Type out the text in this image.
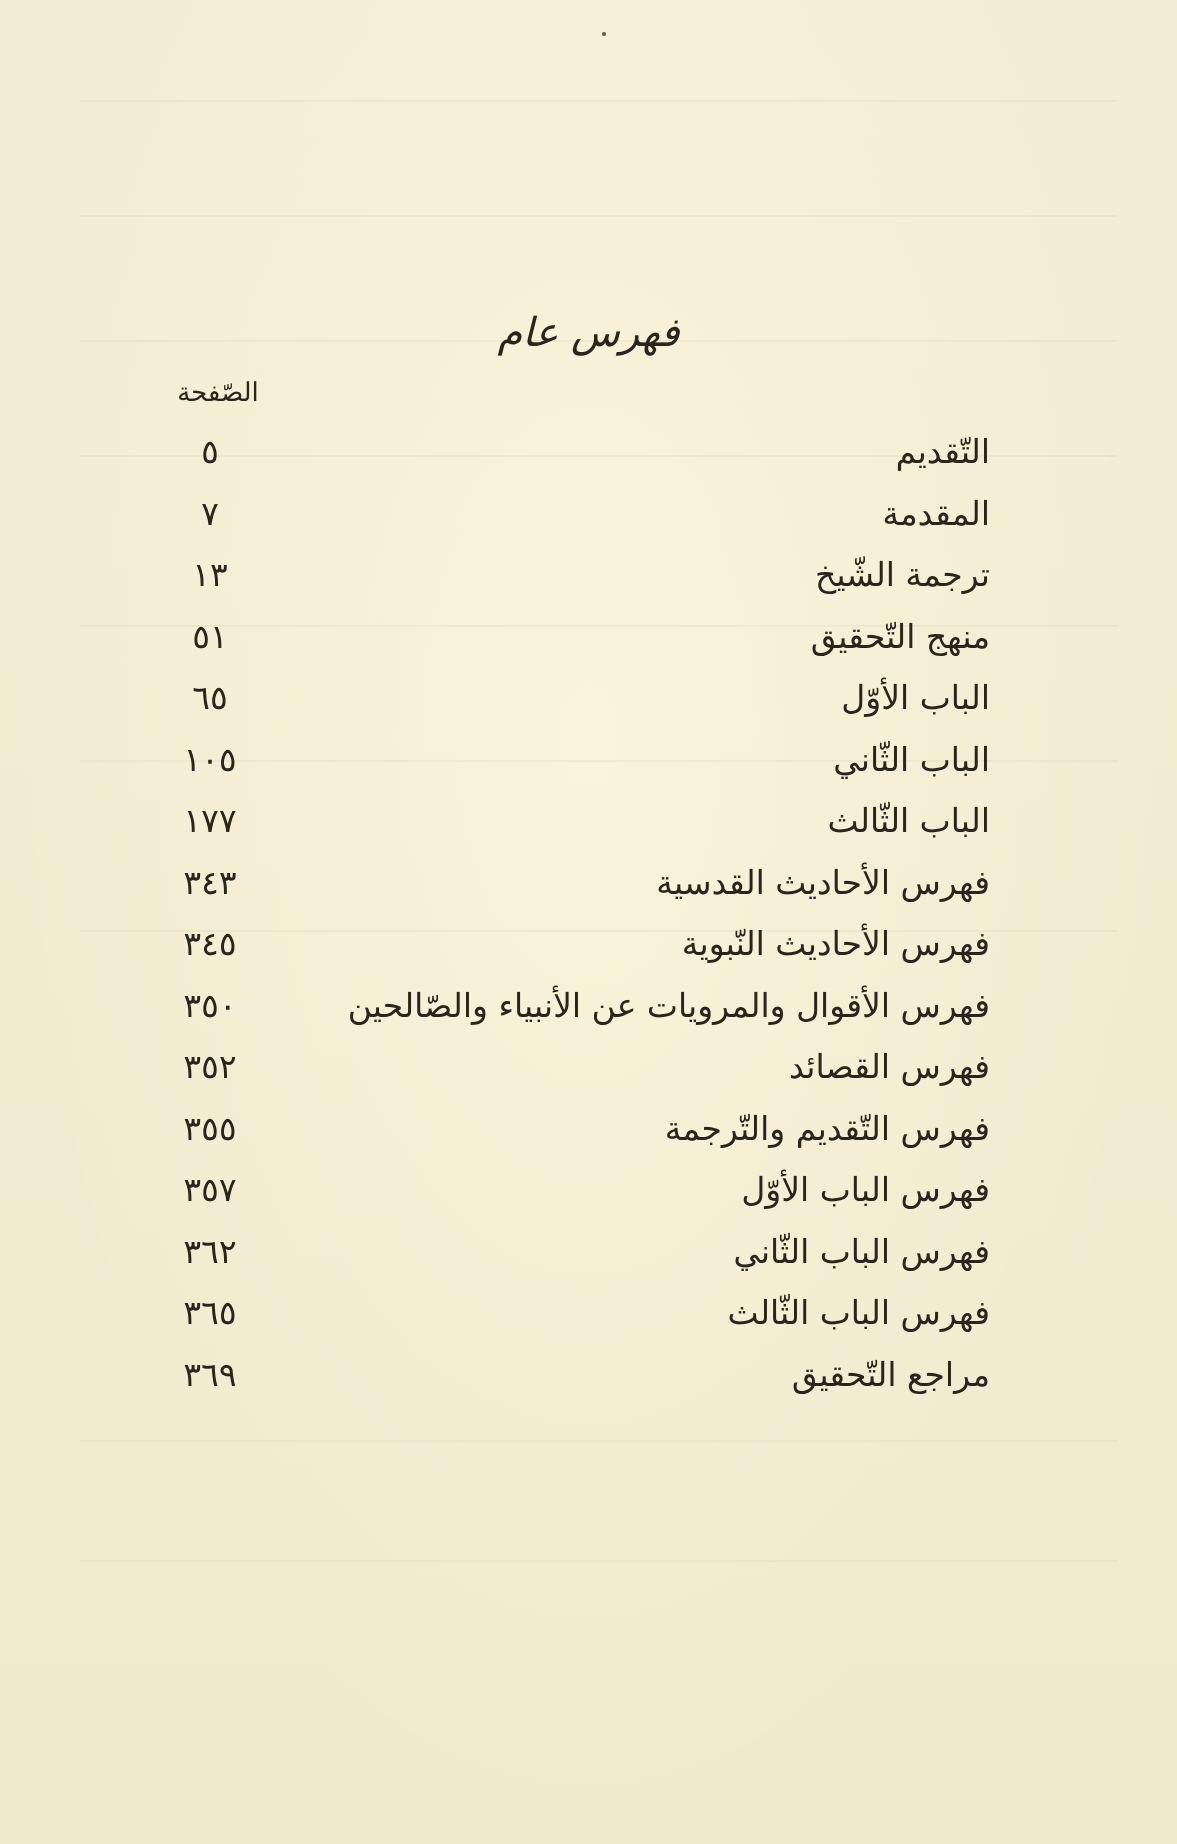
فهرس عام
الصّفحة
التّقديم
٥
المقدمة
٧
ترجمة الشّيخ
١٣
منهج التّحقيق
٥١
الباب الأوّل
٦٥
الباب الثّاني
١٠٥
الباب الثّالث
١٧٧
فهرس الأحاديث القدسية
٣٤٣
فهرس الأحاديث النّبوية
٣٤٥
فهرس الأقوال والمرويات عن الأنبياء والصّالحين
٣٥٠
فهرس القصائد
٣٥٢
فهرس التّقديم والتّرجمة
٣٥٥
فهرس الباب الأوّل
٣٥٧
فهرس الباب الثّاني
٣٦٢
فهرس الباب الثّالث
٣٦٥
مراجع التّحقيق
٣٦٩
